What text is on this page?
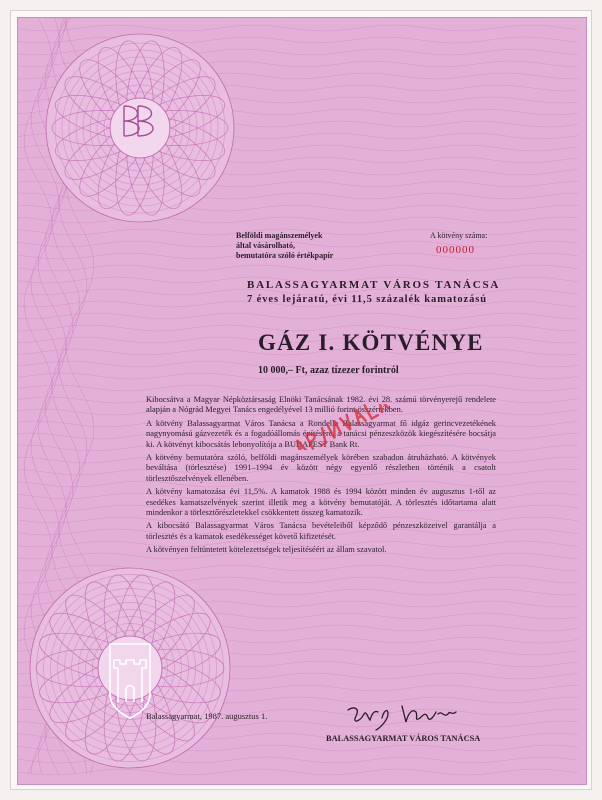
Belföldi magánszemélyek
által vásárolható,
bemutatóra szóló értékpapír
A kötvény száma:
000000
BALASSAGYARMAT VÁROS TANÁCSA
7 éves lejáratú, évi 11,5 százalék kamatozású
GÁZ I. KÖTVÉNYE
10 000,– Ft, azaz tízezer forintról

Kibocsátva a Magyar Népköztársaság Elnöki Tanácsának 1982. évi 28. számú törvényerejű rendelete alapján a Nógrád Megyei Tanács engedélyével 13 millió forint összértékben.

A kötvény Balassagyarmat Város Tanácsa a Rondella Balassagyarmat fő idgáz gerincvezetékének nagynyomású gázvezeték és a fogadóállomás építésére, a tanácsi pénzeszközök kiegészítésére bocsátja ki. A kötvényt kibocsátás lebonyolítója a BUDAPEST Bank Rt.

A kötvény bemutatóra szóló, belföldi magánszemélyek körében szabadon átruházható. A kötvények beváltása (törlesztése) 1991–1994 év között négy egyenlő részletben történik a csatolt törlesztőszelvények ellenében.

A kötvény kamatozása évi 11,5%. A kamatok 1988 és 1994 között minden év augusztus 1-től az esedékes kamatszelvények szerint illetik meg a kötvény bemutatóját. A törlesztés időtartama alatt mindenkor a törlesztőrészletekkel csökkentett összeg kamatozik.

A kibocsátó Balassagyarmat Város Tanácsa bevételeiből képződő pénzeszközeivel garantálja a törlesztés és a kamatok esedékességet követő kifizetését.

A kötvényen feltüntetett kötelezettségek teljesítéséért az állam szavatol.

Balassagyarmat, 1987. augusztus 1.
BALASSAGYARMAT VÁROS TANÁCSA
